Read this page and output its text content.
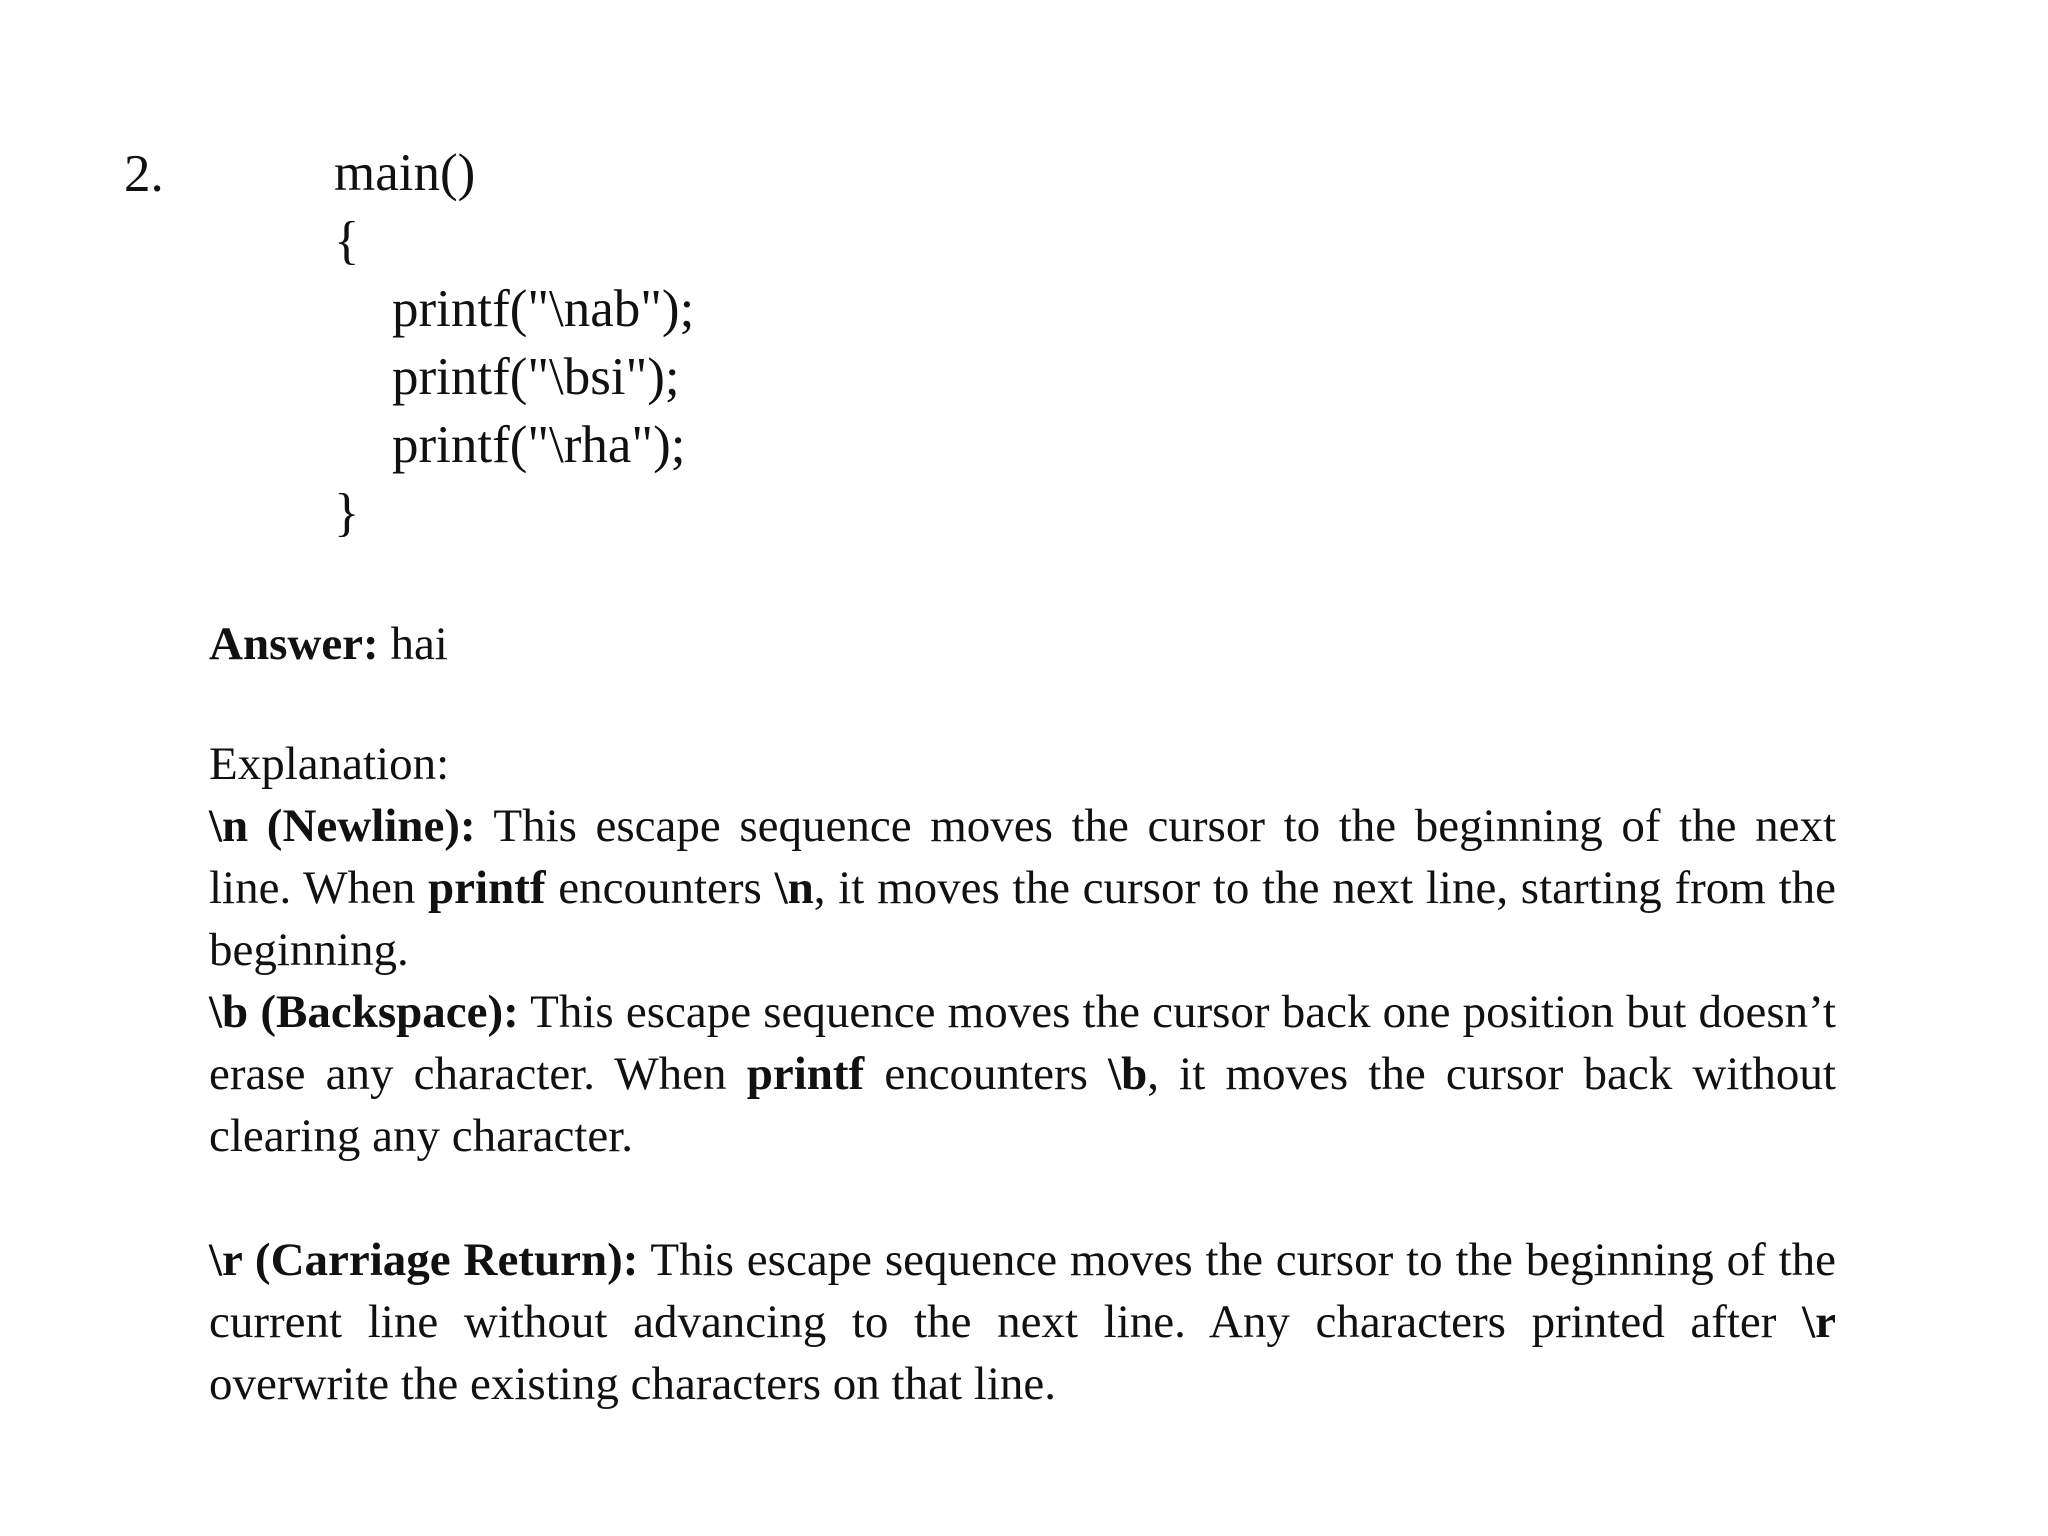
2.	main()
{
printf("\nab");
printf("\bsi");
printf("\rha");
}
Answer: hai
Explanation:

\n (Newline): This escape sequence moves the cursor to the beginning of the next line. When printf encounters \n, it moves the cursor to the next line, starting from the beginning.

\b (Backspace): This escape sequence moves the cursor back one position but doesn’t erase any character. When printf encounters \b, it moves the cursor back without clearing any character.

\r (Carriage Return): This escape sequence moves the cursor to the beginning of the current line without advancing to the next line. Any characters printed after \r overwrite the existing characters on that line.
